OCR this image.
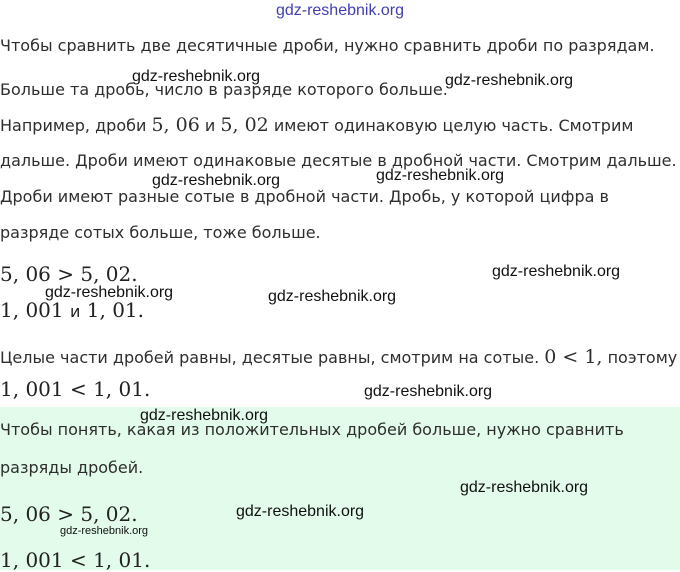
gdz-reshebnik.org
Чтобы сравнить две десятичные дроби, нужно сравнить дроби по разрядам.
Больше та дробь, число в разряде которого больше.
Например, дроби 5, 06 и 5, 02 имеют одинаковую целую часть. Смотрим
дальше. Дроби имеют одинаковые десятые в дробной части. Смотрим дальше.
Дроби имеют разные сотые в дробной части. Дробь, у которой цифра в
разряде сотых больше, тоже больше.
5, 06 > 5, 02.
1, 001 и 1, 01.
Целые части дробей равны, десятые равны, смотрим на сотые. 0 < 1, поэтому
1, 001 < 1, 01.
Чтобы понять, какая из положительных дробей больше, нужно сравнить
разряды дробей.
5, 06 > 5, 02.
1, 001 < 1, 01.
gdz-reshebnik.org	gdz-reshebnik.org
gdz-reshebnik.org	gdz-reshebnik.org
gdz-reshebnik.org
gdz-reshebnik.org	gdz-reshebnik.org
gdz-reshebnik.org
gdz-reshebnik.org
gdz-reshebnik.org
gdz-reshebnik.org
gdz-reshebnik.org
